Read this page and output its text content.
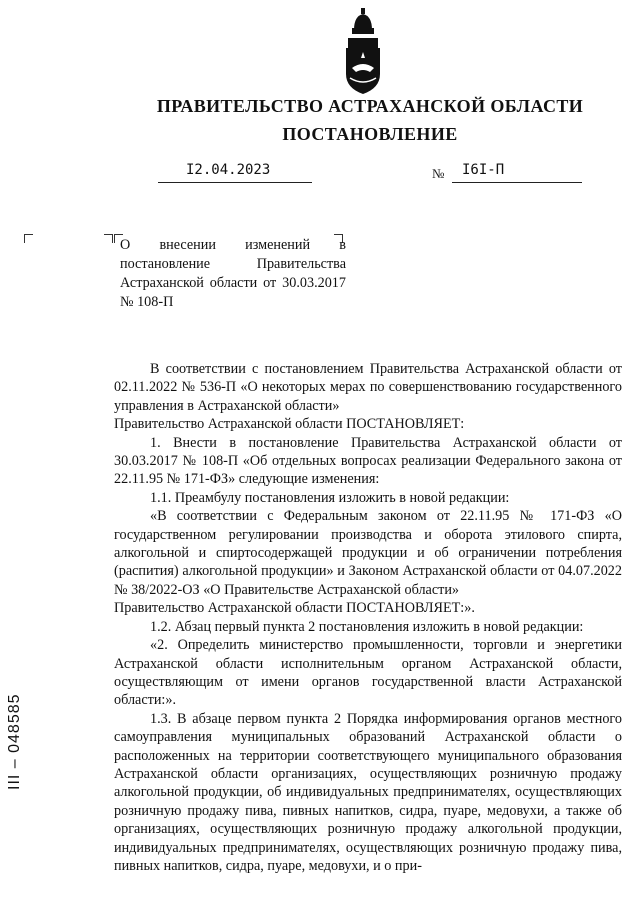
ПРАВИТЕЛЬСТВО АСТРАХАНСКОЙ ОБЛАСТИ
ПОСТАНОВЛЕНИЕ
I2.04.2023	№ I6I-П
О внесении изменений в постановление Правительства Астраханской области от 30.03.2017 № 108-П

В соответствии с постановлением Правительства Астраханской области от 02.11.2022 № 536-П «О некоторых мерах по совершенствованию государственного управления в Астраханской области»

Правительство Астраханской области ПОСТАНОВЛЯЕТ:

1. Внести в постановление Правительства Астраханской области от 30.03.2017 № 108-П «Об отдельных вопросах реализации Федерального закона от 22.11.95 № 171-ФЗ» следующие изменения:

1.1. Преамбулу постановления изложить в новой редакции:

«В соответствии с Федеральным законом от 22.11.95 № 171-ФЗ «О государственном регулировании производства и оборота этилового спирта, алкогольной и спиртосодержащей продукции и об ограничении потребления (распития) алкогольной продукции» и Законом Астраханской области от 04.07.2022 № 38/2022-ОЗ «О Правительстве Астраханской области»

Правительство Астраханской области ПОСТАНОВЛЯЕТ:».

1.2. Абзац первый пункта 2 постановления изложить в новой редакции:

«2. Определить министерство промышленности, торговли и энергетики Астраханской области исполнительным органом Астраханской области, осуществляющим от имени органов государственной власти Астраханской области:».

1.3. В абзаце первом пункта 2 Порядка информирования органов местного самоуправления муниципальных образований Астраханской области о расположенных на территории соответствующего муниципального образования Астраханской области организациях, осуществляющих розничную продажу алкогольной продукции, об индивидуальных предпринимателях, осуществляющих розничную продажу пива, пивных напитков, сидра, пуаре, медовухи, а также об организациях, осуществляющих розничную продажу алкогольной продукции, индивидуальных предпринимателях, осуществляющих розничную продажу пива, пивных напитков, сидра, пуаре, медовухи, и о при-

III – 048585
